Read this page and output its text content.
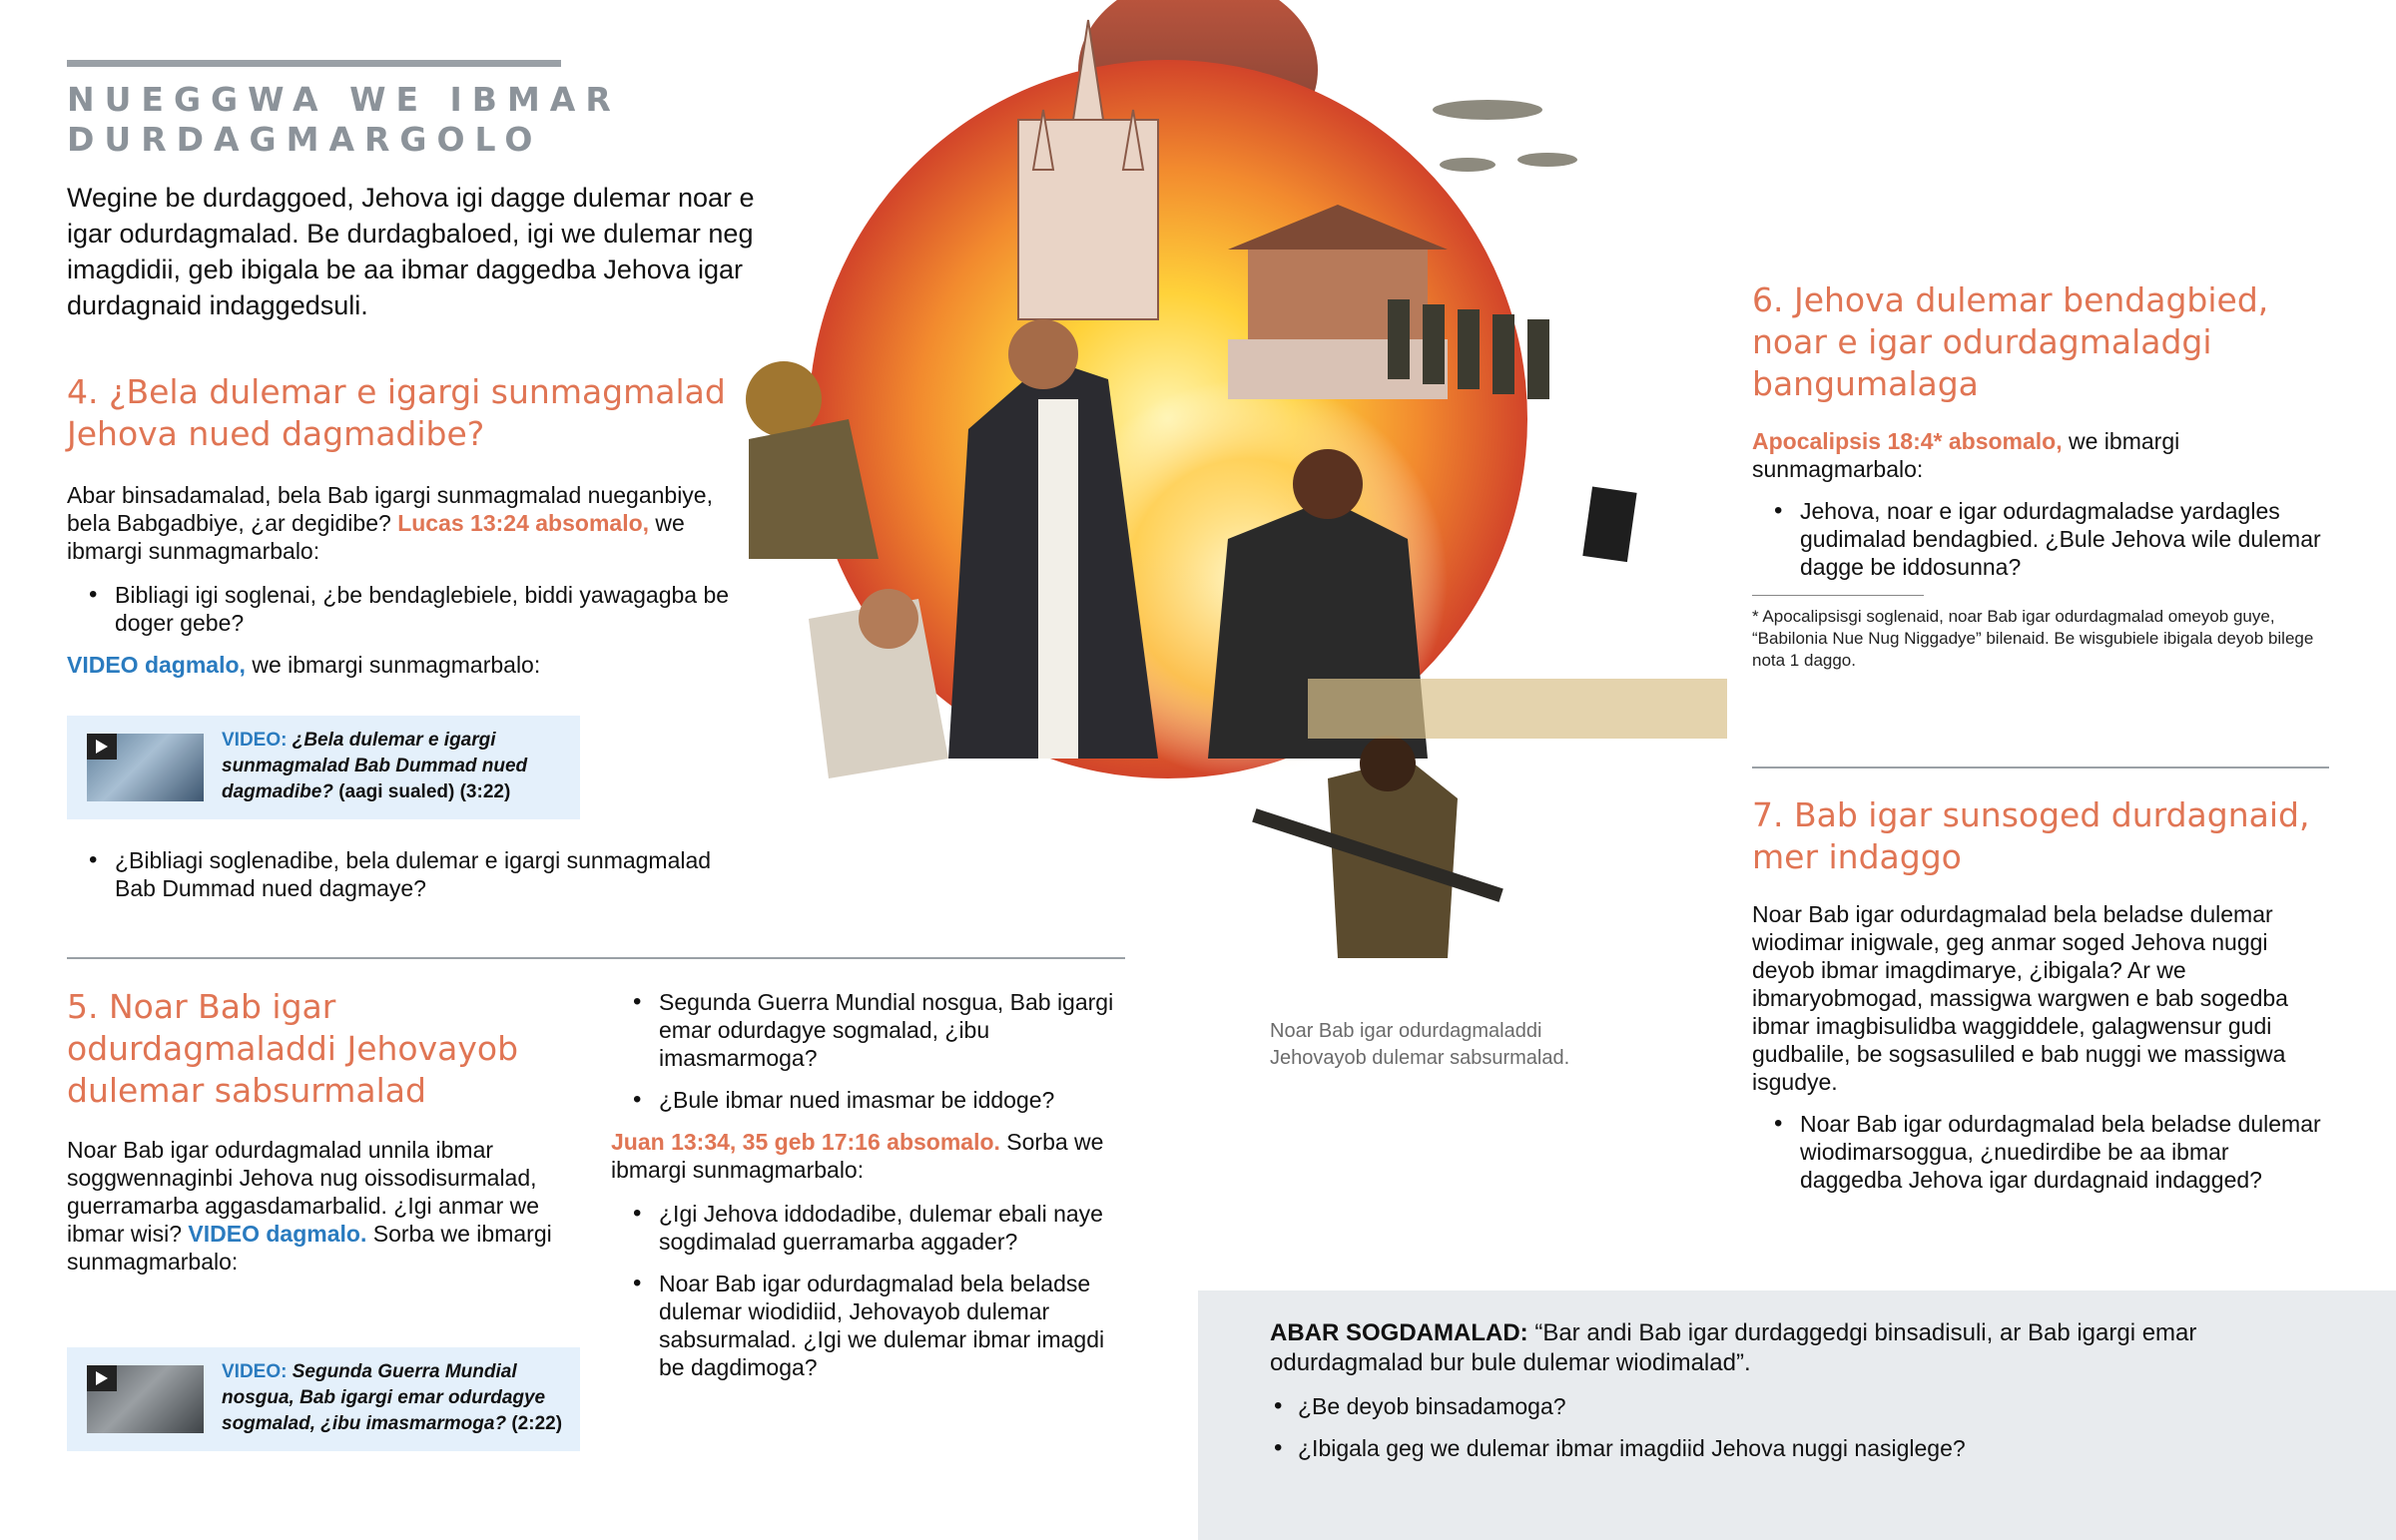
NUEGGWA WE IBMAR DURDAGMARGOLO
Wegine be durdaggoed, Jehova igi dagge dulemar noar e igar odurdagmalad. Be durdagbaloed, igi we dulemar neg imagdidii, geb ibigala be aa ibmar daggedba Jehova igar durdagnaid indaggedsuli.
4. ¿Bela dulemar e igargi sunmagmalad Jehova nued dagmadibe?

Abar binsadamalad, bela Bab igargi sunmagmalad nueganbiye, bela Babgadbiye, ¿ar degidibe? Lucas 13:24 absomalo, we ibmargi sunmagmarbalo:

• Bibliagi igi soglenai, ¿be bendaglebiele, biddi yawagagba be doger gebe?

VIDEO dagmalo, we ibmargi sunmagmarbalo:

VIDEO: ¿Bela dulemar e igargi sunmagmalad Bab Dummad nued dagmadibe? (aagi sualed) (3:22)
• ¿Bibliagi soglenadibe, bela dulemar e igargi sunmagmalad Bab Dummad nued dagmaye?
5. Noar Bab igar odurdagmaladdi Jehovayob dulemar sabsurmalad

Noar Bab igar odurdagmalad unnila ibmar soggwennaginbi Jehova nug oissodisurmalad, guerramarba aggasdamarbalid. ¿Igi anmar we ibmar wisi? VIDEO dagmalo. Sorba we ibmargi sunmagmarbalo:

VIDEO: Segunda Guerra Mundial nosgua, Bab igargi emar odurdagye sogmalad, ¿ibu imasmarmoga? (2:22)
• Segunda Guerra Mundial nosgua, Bab igargi emar odurdagye sogmalad, ¿ibu imasmarmoga?
• ¿Bule ibmar nued imasmar be iddoge?

Juan 13:34, 35 geb 17:16 absomalo. Sorba we ibmargi sunmagmarbalo:

• ¿Igi Jehova iddodadibe, dulemar ebali naye sogdimalad guerramarba aggader?
• Noar Bab igar odurdagmalad bela beladse dulemar wiodidiid, Jehovayob dulemar sabsurmalad. ¿Igi we dulemar ibmar imagdi be dagdimoga?
Noar Bab igar odurdagmaladdi Jehovayob dulemar sabsurmalad.
6. Jehova dulemar bendagbied, noar e igar odurdagmaladgi bangumalaga

Apocalipsis 18:4* absomalo, we ibmargi sunmagmarbalo:

• Jehova, noar e igar odurdagmaladse yardagles gudimalad bendagbied. ¿Bule Jehova wile dulemar dagge be iddosunna?
* Apocalipsisgi soglenaid, noar Bab igar odurdagmalad omeyob guye, “Babilonia Nue Nug Niggadye” bilenaid. Be wisgubiele ibigala deyob bilege nota 1 daggo.
7. Bab igar sunsoged durdagnaid, mer indaggo

Noar Bab igar odurdagmalad bela beladse dulemar wiodimar inigwale, geg anmar soged Jehova nuggi deyob ibmar imagdimarye, ¿ibigala? Ar we ibmaryobmogad, massigwa wargwen e bab sogedba ibmar imagbisulidba waggiddele, galagwensur gudi gudbalile, be sogsasuliled e bab nuggi we massigwa isgudye.

• Noar Bab igar odurdagmalad bela beladse dulemar wiodimarsoggua, ¿nuedirdibe be aa ibmar daggedba Jehova igar durdagnaid indagged?

ABAR SOGDAMALAD: “Bar andi Bab igar durdaggedgi binsadisuli, ar Bab igargi emar odurdagmalad bur bule dulemar wiodimalad”.

• ¿Be deyob binsadamoga?
• ¿Ibigala geg we dulemar ibmar imagdiid Jehova nuggi nasiglege?
